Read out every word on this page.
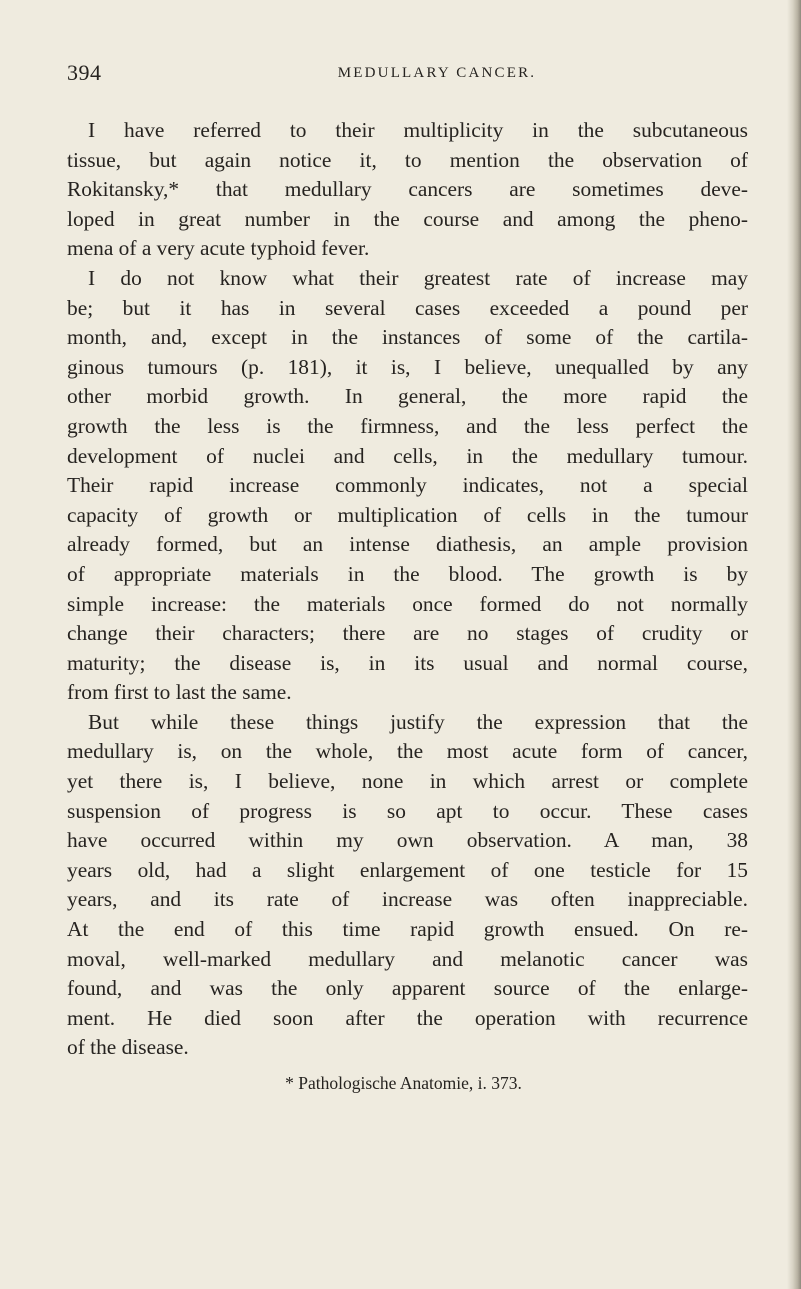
394	MEDULLARY CANCER.
I have referred to their multiplicity in the subcutaneous
tissue, but again notice it, to mention the observation of
Rokitansky,* that medullary cancers are sometimes deve-
loped in great number in the course and among the pheno-
mena of a very acute typhoid fever.
I do not know what their greatest rate of increase may
be; but it has in several cases exceeded a pound per
month, and, except in the instances of some of the cartila-
ginous tumours (p. 181), it is, I believe, unequalled by any
other morbid growth. In general, the more rapid the
growth the less is the firmness, and the less perfect the
development of nuclei and cells, in the medullary tumour.
Their rapid increase commonly indicates, not a special
capacity of growth or multiplication of cells in the tumour
already formed, but an intense diathesis, an ample provision
of appropriate materials in the blood. The growth is by
simple increase: the materials once formed do not normally
change their characters; there are no stages of crudity or
maturity; the disease is, in its usual and normal course,
from first to last the same.
But while these things justify the expression that the
medullary is, on the whole, the most acute form of cancer,
yet there is, I believe, none in which arrest or complete
suspension of progress is so apt to occur. These cases
have occurred within my own observation. A man, 38
years old, had a slight enlargement of one testicle for 15
years, and its rate of increase was often inappreciable.
At the end of this time rapid growth ensued. On re-
moval, well-marked medullary and melanotic cancer was
found, and was the only apparent source of the enlarge-
ment. He died soon after the operation with recurrence
of the disease.
* Pathologische Anatomie, i. 373.
